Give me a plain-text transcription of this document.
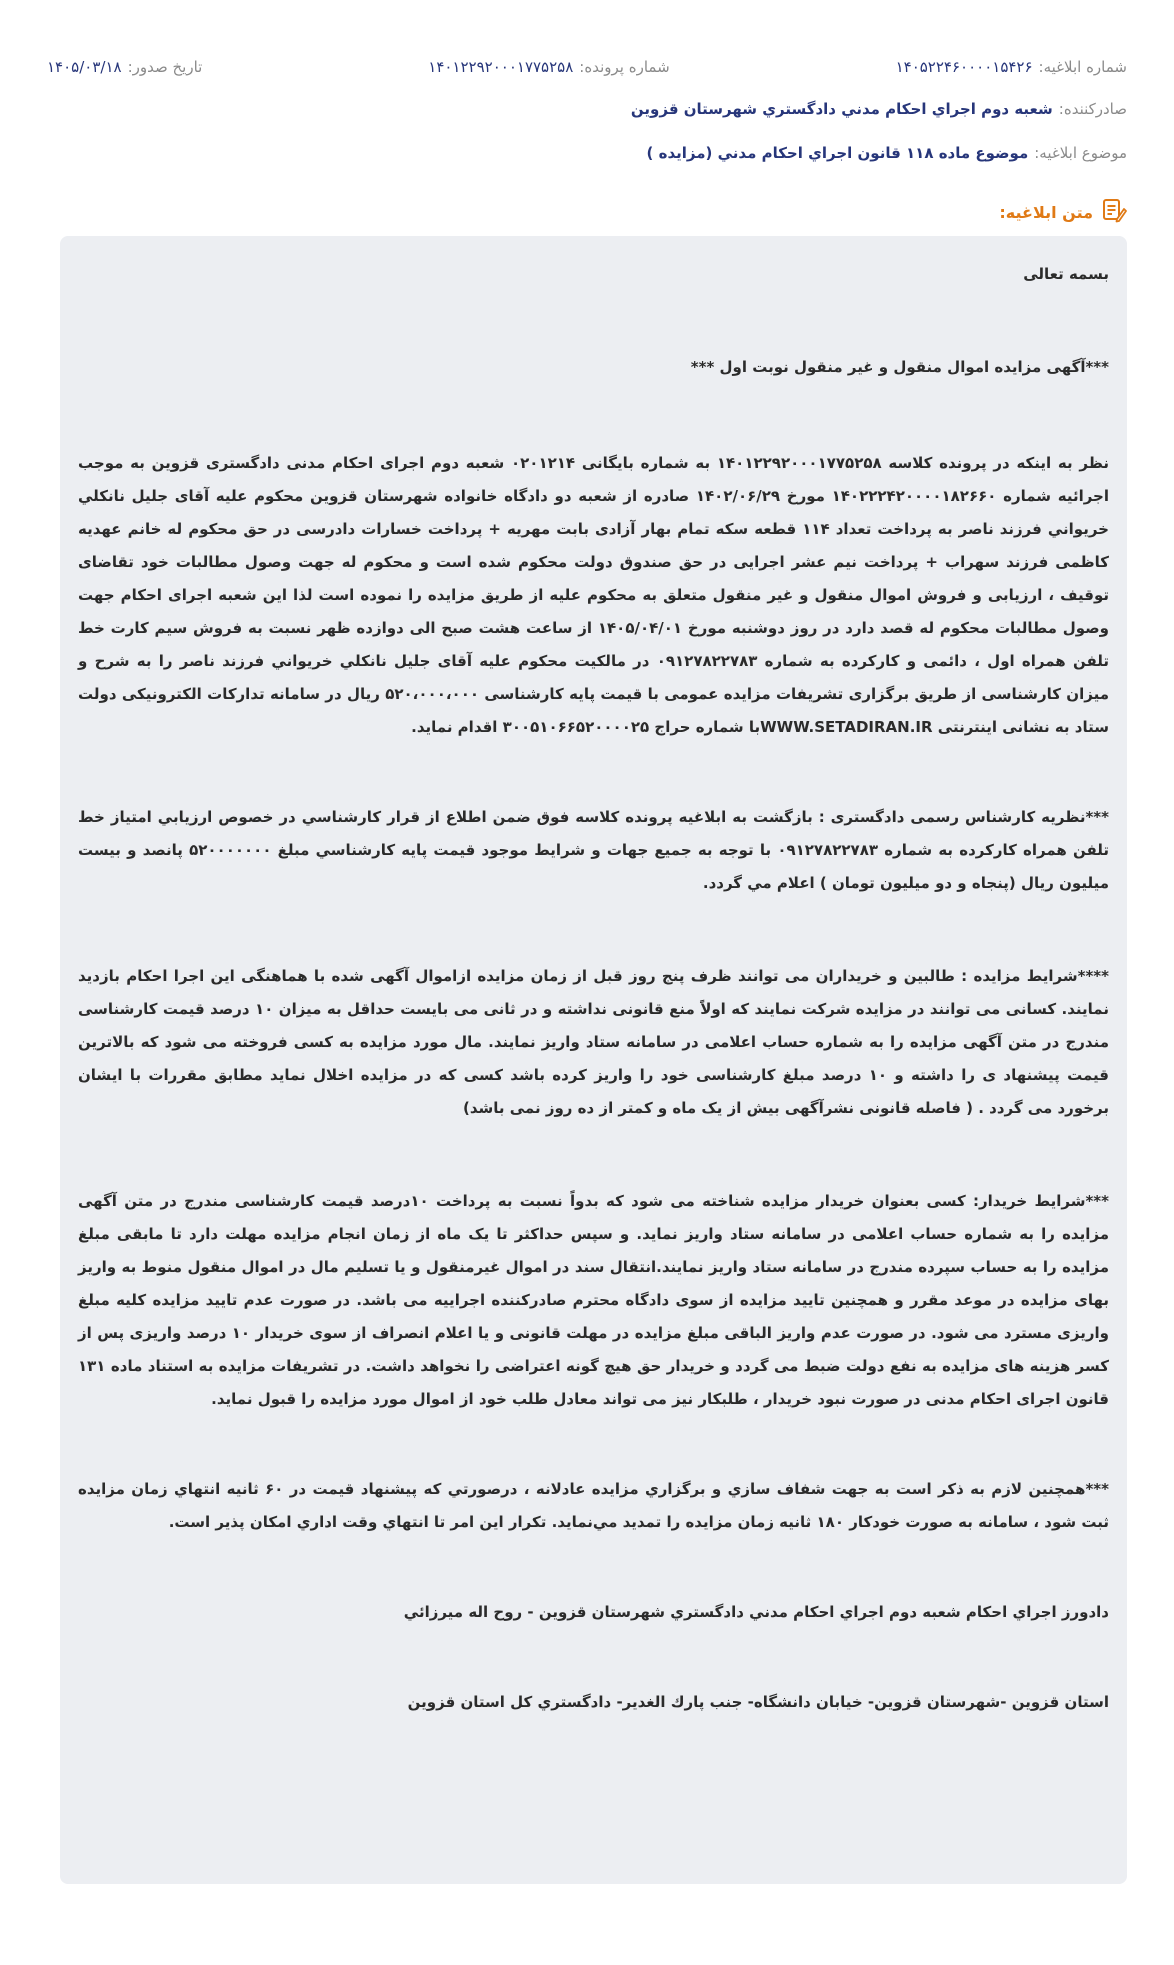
شماره ابلاغیه:
۱۴۰۵۲۲۴۶۰۰۰۰۱۵۴۲۶
شماره پرونده:
۱۴۰۱۲۲۹۲۰۰۰۱۷۷۵۲۵۸
تاریخ صدور:
۱۴۰۵/۰۳/۱۸
صادرکننده:
شعبه دوم اجراي احكام مدني دادگستري شهرستان قزوين
موضوع ابلاغیه:
موضوع ماده ۱۱۸ قانون اجراي احكام مدني (مزايده )
متن ابلاغیه:

بسمه تعالی

***آگهی مزایده اموال منقول و غیر منقول نوبت اول ***

نظر به اینکه در پرونده کلاسه ۱۴۰۱۲۲۹۲۰۰۰۱۷۷۵۲۵۸ به شماره بایگانی ۰۲۰۱۲۱۴ شعبه دوم اجرای احکام مدنی دادگستری قزوین به موجب اجرائیه شماره ۱۴۰۲۲۲۴۲۰۰۰۰۱۸۲۶۶۰ مورخ ۱۴۰۲/۰۶/۲۹ صادره از شعبه دو دادگاه خانواده شهرستان قزوین محکوم علیه آقای جلیل نانكلي خريواني فرزند ناصر به پرداخت تعداد ۱۱۴ قطعه سکه تمام بهار آزادی بابت مهریه + پرداخت خسارات دادرسی در حق محکوم له خانم عهدیه کاظمی فرزند سهراب + پرداخت نیم عشر اجرایی در حق صندوق دولت محکوم شده است و محکوم له جهت وصول مطالبات خود تقاضای توقیف ، ارزیابی و فروش اموال منقول و غیر منقول متعلق به محکوم علیه از طریق مزایده را نموده است لذا این شعبه اجرای احکام جهت وصول مطالبات محکوم له قصد دارد در روز دوشنبه مورخ ۱۴۰۵/۰۴/۰۱ از ساعت هشت صبح الی دوازده ظهر نسبت به فروش سیم کارت خط تلفن همراه اول ، دائمی و کارکرده به شماره ۰۹۱۲۷۸۲۲۷۸۳ در مالکیت محکوم علیه آقای جلیل نانكلي خريواني فرزند ناصر را به شرح و میزان کارشناسی از طریق برگزاری تشریفات مزایده عمومی با قیمت پایه کارشناسی ۵۲۰،۰۰۰،۰۰۰ ریال در سامانه تدارکات الکترونیکی دولت ستاد به نشانی اینترنتی WWW.SETADIRAN.IRبا شماره حراج ۳۰۰۵۱۰۶۶۵۲۰۰۰۰۲۵ اقدام نماید.

***نظریه کارشناس رسمی دادگستری : بازگشت به ابلاغیه پرونده کلاسه فوق ضمن اطلاع از قرار کارشناسي در خصوص ارزيابي امتياز خط تلفن همراه کارکرده به شماره ۰۹۱۲۷۸۲۲۷۸۳ با توجه به جمیع جهات و شرايط موجود قيمت پايه کارشناسي مبلغ ۵۲۰۰۰۰۰۰۰ پانصد و بیست میلیون ریال (پنجاه و دو میلیون تومان ) اعلام مي گردد.

****شرایط مزایده : طالبین و خریداران می توانند ظرف پنج روز قبل از زمان مزایده ازاموال آگهی شده با هماهنگی این اجرا احکام بازدید نمایند. کسانی می توانند در مزایده شرکت نمایند که اولاً منع قانونی نداشته و در ثانی می بایست حداقل به میزان ۱۰ درصد قیمت کارشناسی مندرج در متن آگهی مزایده را به شماره حساب اعلامی در سامانه ستاد واریز نمایند. مال مورد مزایده به کسی فروخته می شود که بالاترین قیمت پیشنهاد ی را داشته و ۱۰ درصد مبلغ کارشناسی خود را واریز کرده باشد کسی که در مزایده اخلال نماید مطابق مقررات با ایشان برخورد می گردد . ( فاصله قانونی نشرآگهی بیش از یک ماه و کمتر از ده روز نمی باشد)

***شرایط خریدار: کسی بعنوان خریدار مزایده شناخته می شود که بدواً نسبت به پرداخت ۱۰درصد قیمت کارشناسی مندرج در متن آگهی مزایده را به شماره حساب اعلامی در سامانه ستاد واریز نماید. و سپس حداکثر تا یک ماه از زمان انجام مزایده مهلت دارد تا مابقی مبلغ مزایده را به حساب سپرده مندرج در سامانه ستاد واریز نمایند.انتقال سند در اموال غیرمنقول و یا تسلیم مال در اموال منقول منوط به واریز بهای مزایده در موعد مقرر و همچنین تایید مزایده از سوی دادگاه محترم صادرکننده اجراییه می باشد. در صورت عدم تایید مزایده کلیه مبلغ واریزی مسترد می شود. در صورت عدم واریز الباقی مبلغ مزایده در مهلت قانونی و یا اعلام انصراف از سوی خریدار ۱۰ درصد واریزی پس از کسر هزینه های مزایده به نفع دولت ضبط می گردد و خریدار حق هیچ گونه اعتراضی را نخواهد داشت. در تشریفات مزایده به استناد ماده ۱۳۱ قانون اجرای احکام مدنی در صورت نبود خریدار ، طلبکار نیز می تواند معادل طلب خود از اموال مورد مزایده را قبول نماید.

***همچنین لازم به ذکر است به جهت شفاف سازي و برگزاري مزايده عادلانه ، درصورتي كه پيشنهاد قيمت در ۶۰ ثانيه انتهاي زمان مزايده ثبت شود ، سامانه به صورت خودكار ۱۸۰ ثانيه زمان مزايده را تمديد مي‌نمايد. تكرار اين امر تا انتهاي وقت اداري امكان پذير است.

دادورز اجراي احكام شعبه دوم اجراي احكام مدني دادگستري شهرستان قزوين - روح اله ميرزائي

استان قزوین -شهرستان قزوين- خيابان دانشگاه- جنب پارك الغدير- دادگستري كل استان قزوين
